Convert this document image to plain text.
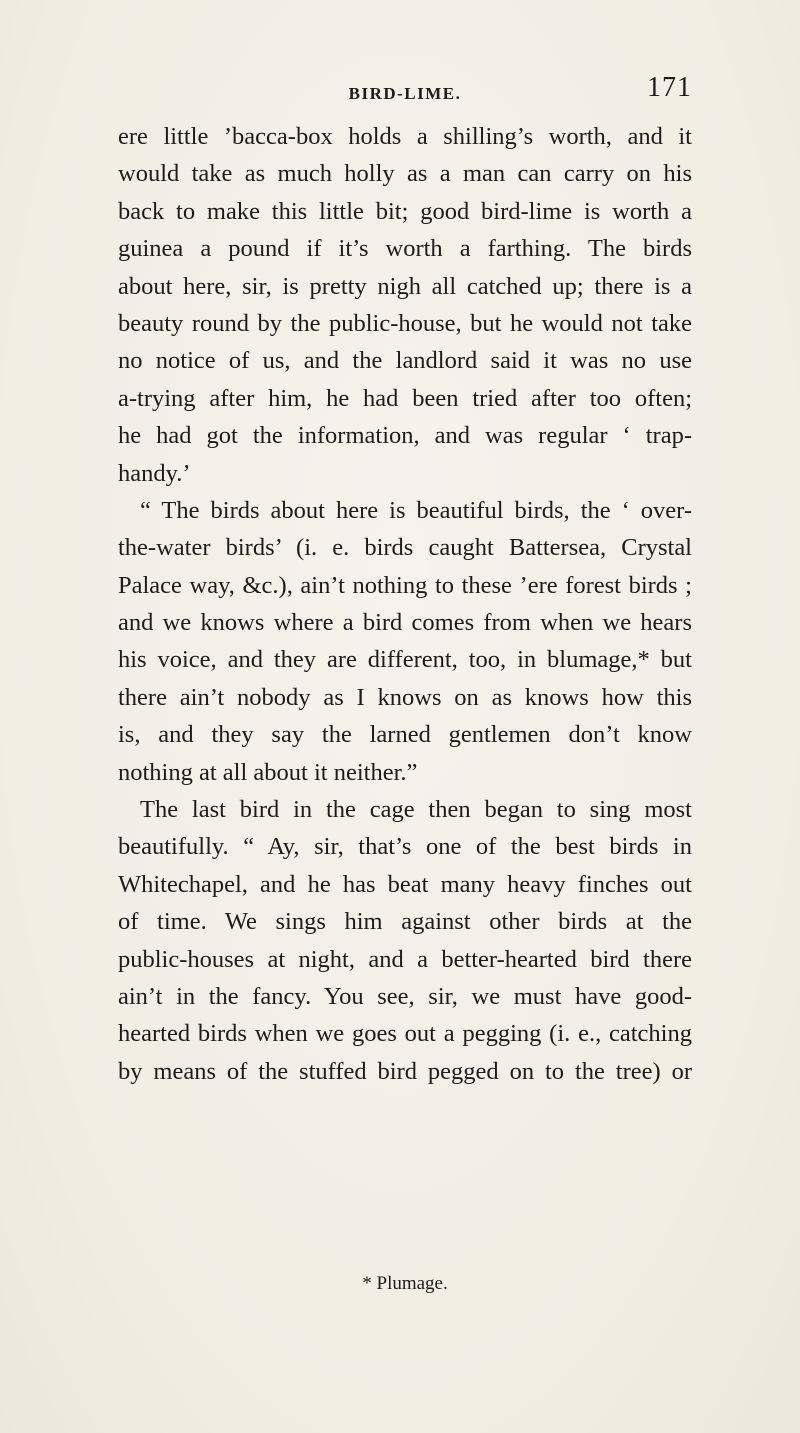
BIRD-LIME.	171
ere little ’bacca-box holds a shilling’s worth, and it
would take as much holly as a man can carry on his
back to make this little bit; good bird-lime is worth a
guinea a pound if it’s worth a farthing. The birds
about here, sir, is pretty nigh all catched up; there is a
beauty round by the public-house, but he would not take
no notice of us, and the landlord said it was no use
a-trying after him, he had been tried after too often;
he had got the information, and was regular ‘ trap-
handy.’
“ The birds about here is beautiful birds, the ‘ over-
the-water birds’ (i. e. birds caught Battersea, Crystal
Palace way, &c.), ain’t nothing to these ’ere forest birds ;
and we knows where a bird comes from when we hears
his voice, and they are different, too, in blumage,* but
there ain’t nobody as I knows on as knows how this
is, and they say the larned gentlemen don’t know
nothing at all about it neither.”
The last bird in the cage then began to sing most
beautifully. “ Ay, sir, that’s one of the best birds in
Whitechapel, and he has beat many heavy finches out
of time. We sings him against other birds at the
public-houses at night, and a better-hearted bird there
ain’t in the fancy. You see, sir, we must have good-
hearted birds when we goes out a pegging (i. e., catching
by means of the stuffed bird pegged on to the tree) or
* Plumage.
